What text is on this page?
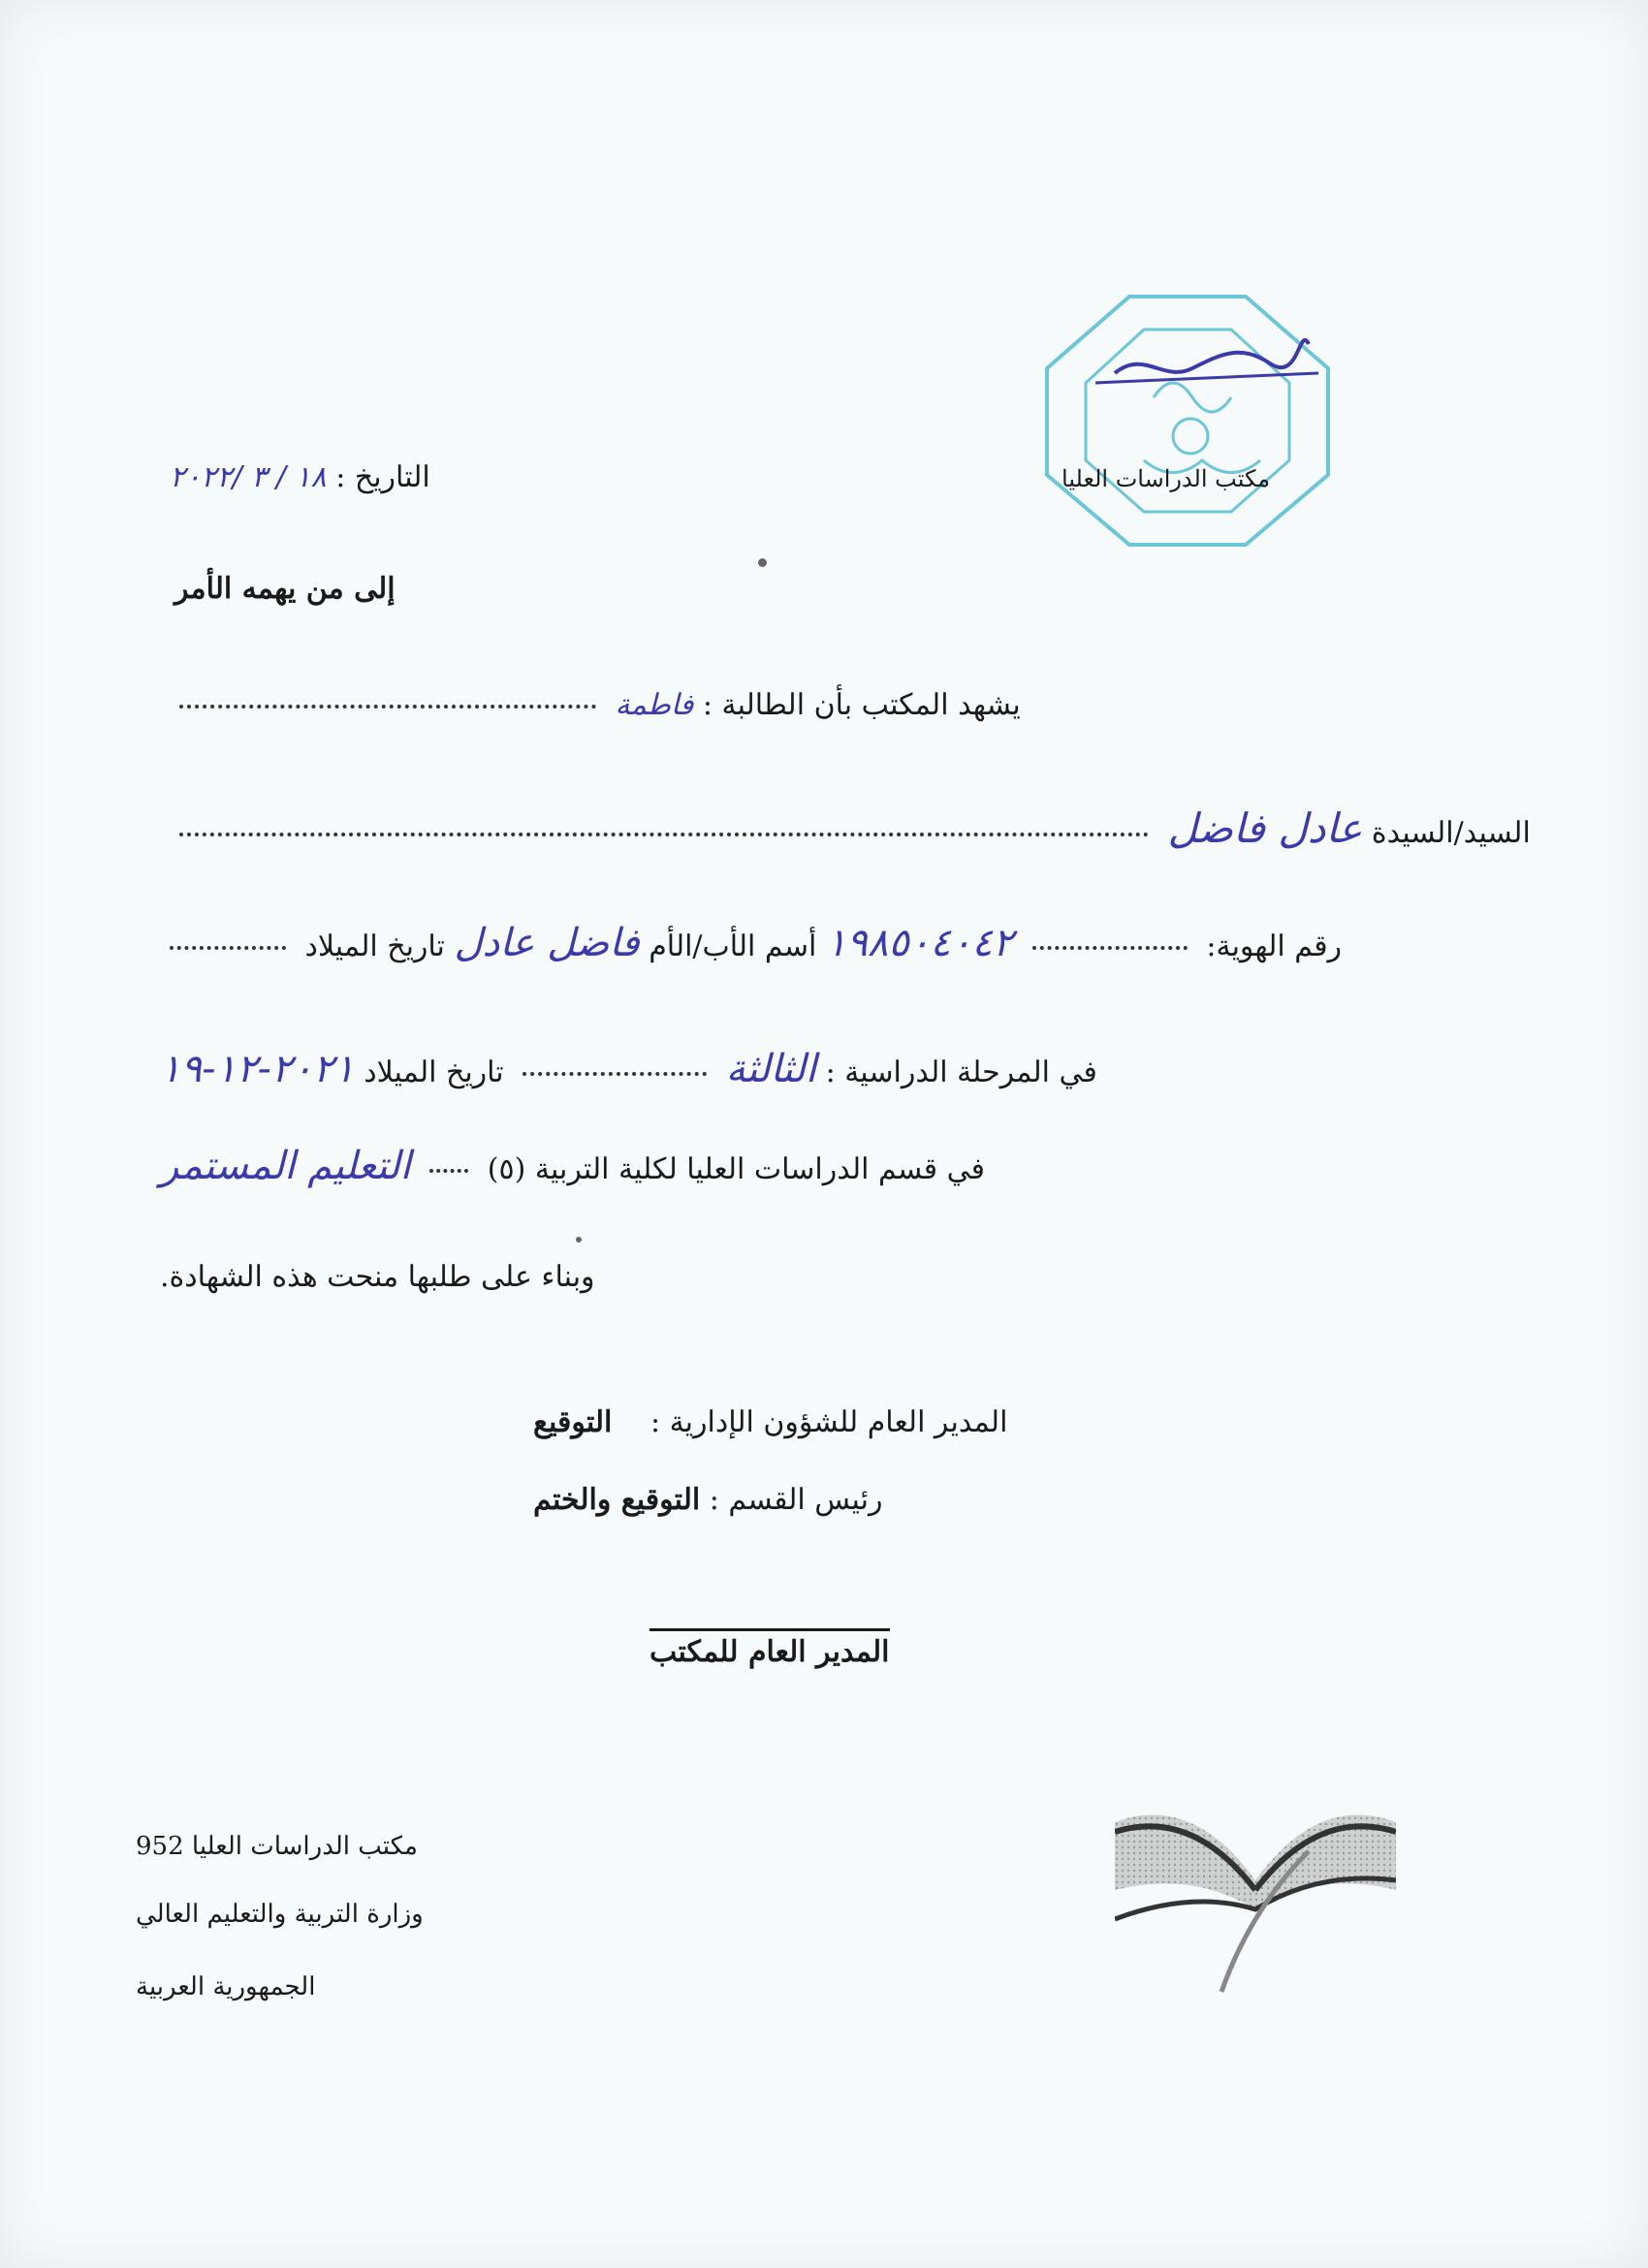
مكتب الدراسات العليا
التاريخ : ١٨ / ٣ /٢٠٢٢
إلى من يهمه الأمر
يشهد المكتب بأن الطالبة : فاطمة
السيد/السيدة عادل فاضل
رقم الهوية:  ١٩٨٥٠٤٠٤٢ أسم الأب/الأم فاضل عادل تاريخ الميلاد
في المرحلة الدراسية : الثالثة  تاريخ الميلاد ٢٠٢١-١٢-١٩
في قسم الدراسات العليا لكلية التربية (٥)  التعليم المستمر
وبناء على طلبها منحت هذه الشهادة.
المدير العام للشؤون الإدارية : التوقيع
رئيس القسم : التوقيع والختم
المدير العام للمكتب
مكتب الدراسات العليا 952
وزارة التربية والتعليم العالي
الجمهورية العربية
